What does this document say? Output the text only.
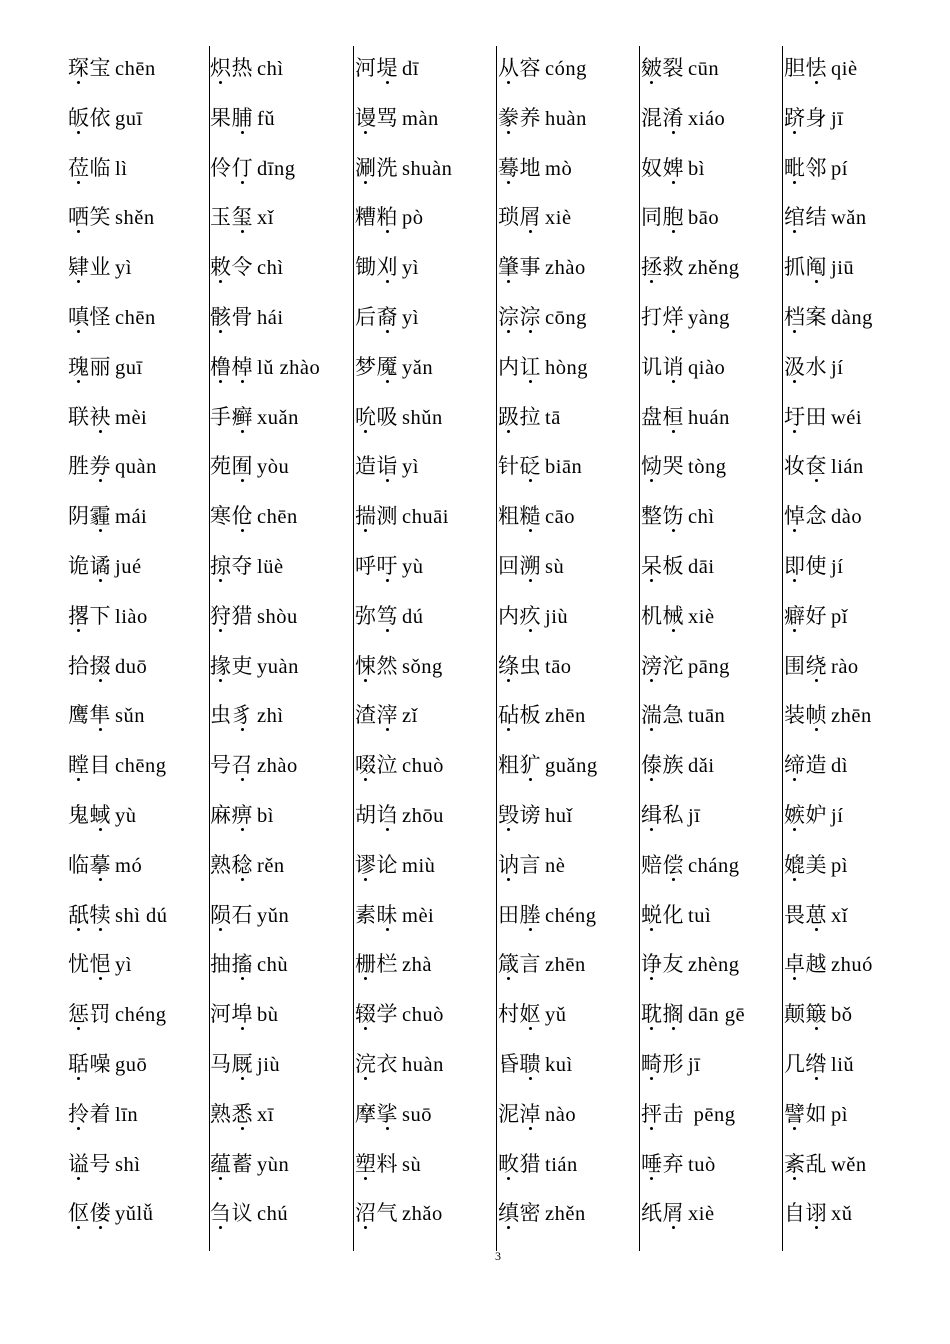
琛宝 chēn
皈依 guī
莅临 lì
哂笑 shěn
肄业 yì
嗔怪 chēn
瑰丽 guī
联袂 mèi
胜券 quàn
阴霾 mái
诡谲 jué
撂下 liào
拾掇 duō
鹰隼 sǔn
瞠目 chēng
鬼蜮 yù
临摹 mó
舐犊 shì dú
忧悒 yì
惩罚 chéng
聒噪 guō
拎着 līn
谥号 shì
伛偻 yǔlǚ
炽热 chì
果脯 fǔ
伶仃 dīng
玉玺 xǐ
敕令 chì
骸骨 hái
橹棹 lǔ zhào
手癣 xuǎn
苑囿 yòu
寒伧 chēn
掠夺 lüè
狩猎 shòu
掾吏 yuàn
虫豸 zhì
号召 zhào
麻痹 bì
熟稔 rěn
陨石 yǔn
抽搐 chù
河埠 bù
马厩 jiù
熟悉 xī
蕴蓄 yùn
刍议 chú
河堤 dī
谩骂 màn
涮洗 shuàn
糟粕 pò
锄刈 yì
后裔 yì
梦魇 yǎn
吮吸 shǔn
造诣 yì
揣测 chuāi
呼吁 yù
弥笃 dú
悚然 sǒng
渣滓 zǐ
啜泣 chuò
胡诌 zhōu
谬论 miù
素昧 mèi
栅栏 zhà
辍学 chuò
浣衣 huàn
摩挲 suō
塑料 sù
沼气 zhǎo
从容 cóng
豢养 huàn
蓦地 mò
琐屑 xiè
肇事 zhào
淙淙 cōng
内讧 hòng
趿拉 tā
针砭 biān
粗糙 cāo
回溯 sù
内疚 jiù
绦虫 tāo
砧板 zhēn
粗犷 guǎng
毁谤 huǐ
讷言 nè
田塍 chéng
箴言 zhēn
村妪 yǔ
昏聩 kuì
泥淖 nào
畋猎 tián
缜密 zhěn
皴裂 cūn
混淆 xiáo
奴婢 bì
同胞 bāo
拯救 zhěng
打烊 yàng
讥诮 qiào
盘桓 huán
恸哭 tòng
整饬 chì
呆板 dāi
机械 xiè
滂沱 pāng
湍急 tuān
傣族 dǎi
缉私 jī
赔偿 cháng
蜕化 tuì
诤友 zhèng
耽搁 dān gē
畸形 jī
抨击 pēng
唾弃 tuò
纸屑 xiè
胆怯 qiè
跻身 jī
毗邻 pí
绾结 wǎn
抓阄 jiū
档案 dàng
汲水 jí
圩田 wéi
妆奁 lián
悼念 dào
即使 jí
癖好 pǐ
围绕 rào
装帧 zhēn
缔造 dì
嫉妒 jí
媲美 pì
畏葸 xǐ
卓越 zhuó
颠簸 bǒ
几绺 liǔ
譬如 pì
紊乱 wěn
自诩 xǔ
3
